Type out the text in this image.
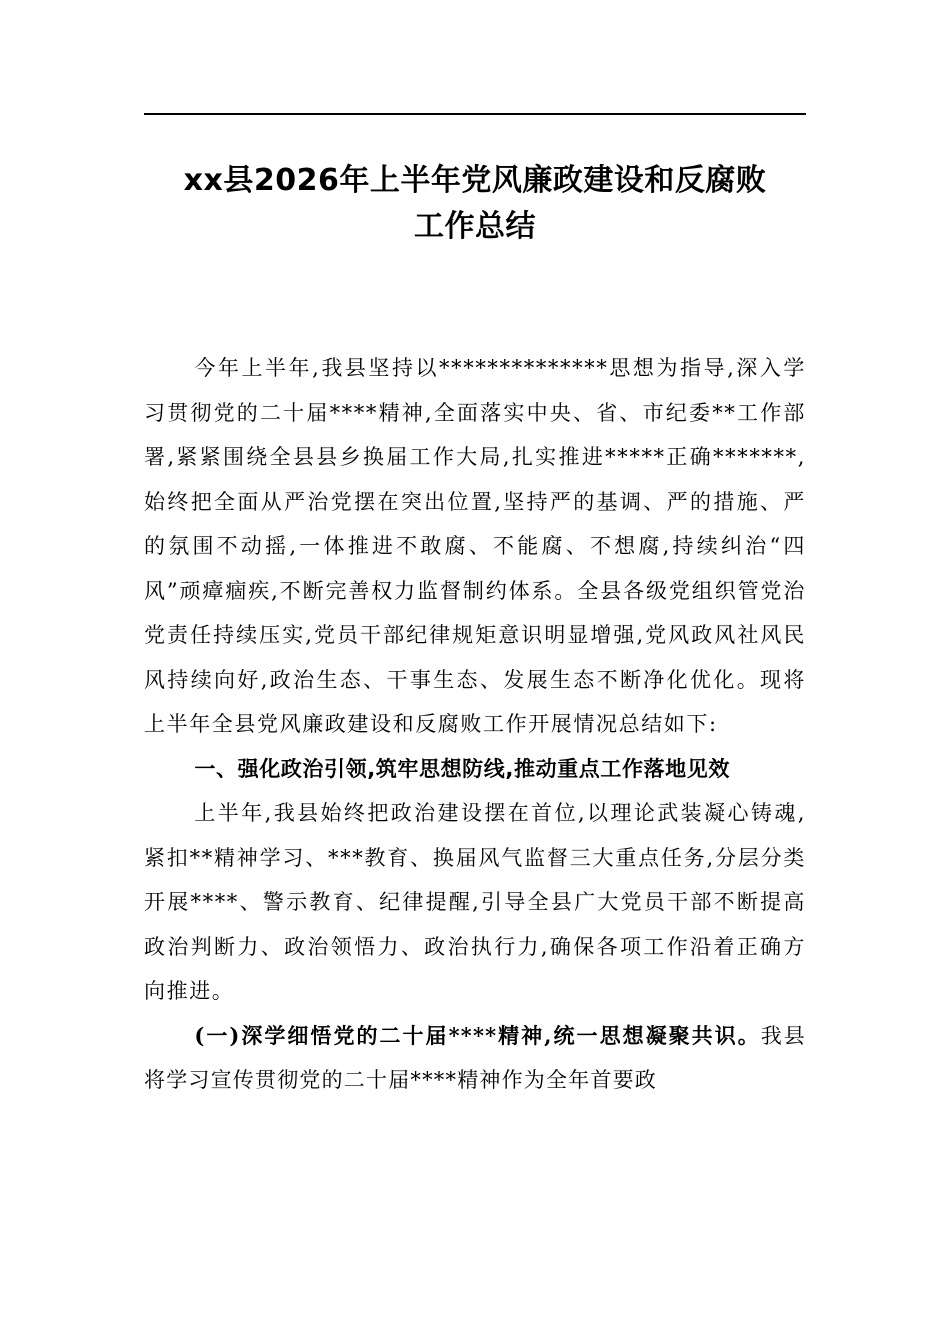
xx县2026年上半年党风廉政建设和反腐败
工作总结

今年上半年,我县坚持以**************思想为指导,深入学习贯彻党的二十届****精神,全面落实中央、省、市纪委**工作部署,紧紧围绕全县县乡换届工作大局,扎实推进*****正确*******,始终把全面从严治党摆在突出位置,坚持严的基调、严的措施、严的氛围不动摇,一体推进不敢腐、不能腐、不想腐,持续纠治“四风”顽瘴痼疾,不断完善权力监督制约体系。全县各级党组织管党治党责任持续压实,党员干部纪律规矩意识明显增强,党风政风社风民风持续向好,政治生态、干事生态、发展生态不断净化优化。现将上半年全县党风廉政建设和反腐败工作开展情况总结如下:

一、强化政治引领,筑牢思想防线,推动重点工作落地见效

上半年,我县始终把政治建设摆在首位,以理论武装凝心铸魂,紧扣**精神学习、***教育、换届风气监督三大重点任务,分层分类开展****、警示教育、纪律提醒,引导全县广大党员干部不断提高政治判断力、政治领悟力、政治执行力,确保各项工作沿着正确方向推进。

(一)深学细悟党的二十届****精神,统一思想凝聚共识。我县将学习宣传贯彻党的二十届****精神作为全年首要政
